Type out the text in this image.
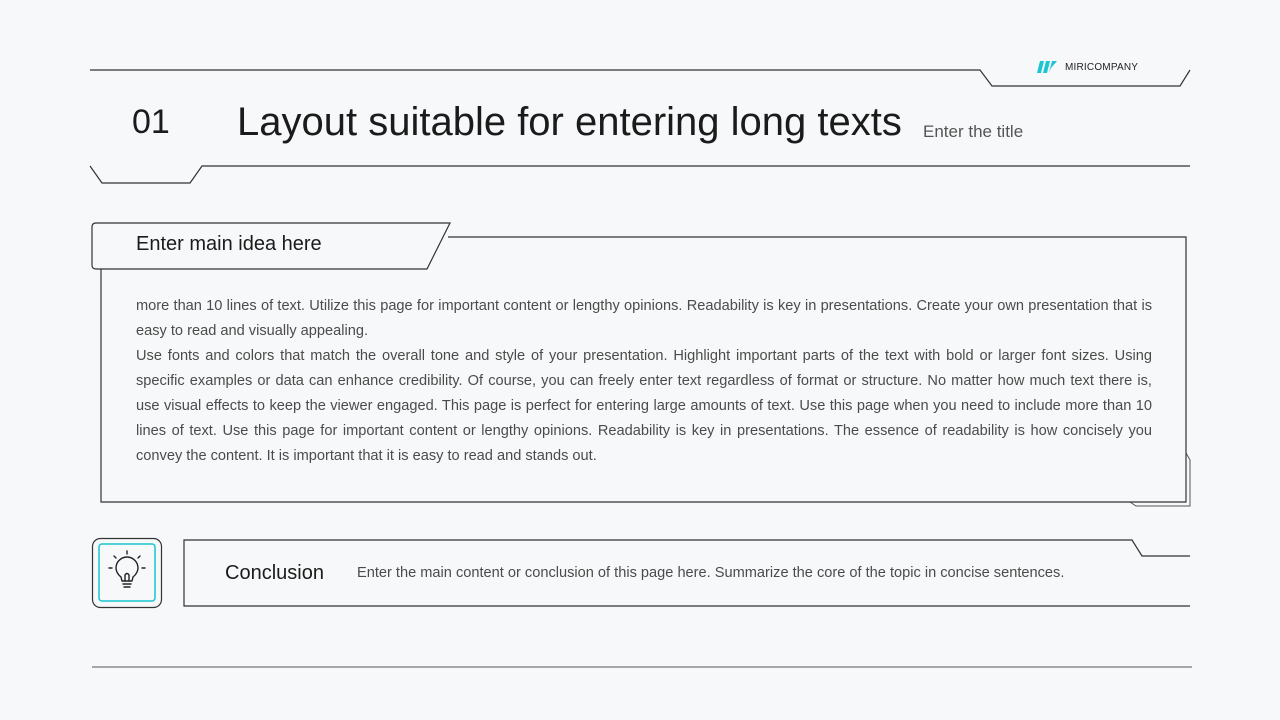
01 Layout suitable for entering long texts Enter the title
MIRICOMPANY
Enter main idea here

more than 10 lines of text. Utilize this page for important content or lengthy opinions. Readability is key in presentations. Create your own presentation that is easy to read and visually appealing.

Use fonts and colors that match the overall tone and style of your presentation. Highlight important parts of the text with bold or larger font sizes. Using specific examples or data can enhance credibility. Of course, you can freely enter text regardless of format or structure. No matter how much text there is, use visual effects to keep the viewer engaged. This page is perfect for entering large amounts of text. Use this page when you need to include more than 10 lines of text. Use this page for important content or lengthy opinions. Readability is key in presentations. The essence of readability is how concisely you convey the content. It is important that it is easy to read and stands out.

Conclusion Enter the main content or conclusion of this page here. Summarize the core of the topic in concise sentences.
